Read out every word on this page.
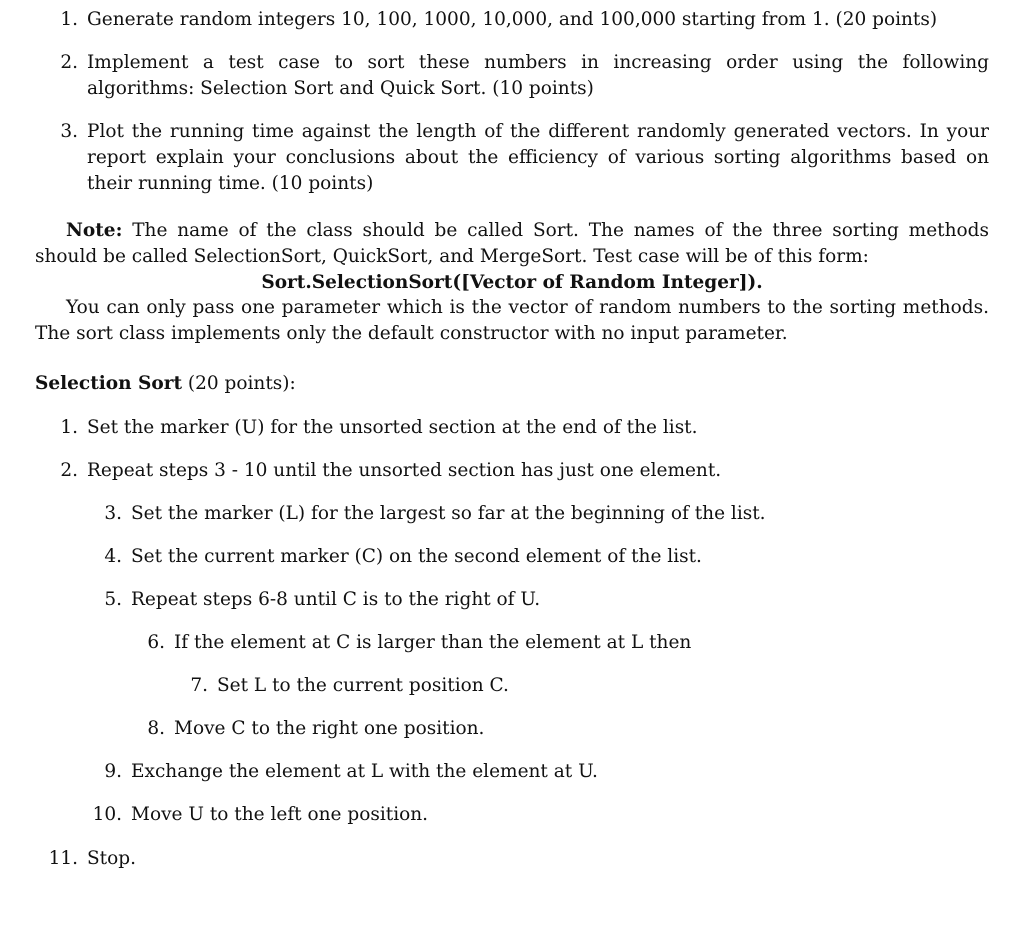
1. Generate random integers 10, 100, 1000, 10,000, and 100,000 starting from 1. (20 points)
2. Implement a test case to sort these numbers in increasing order using the following algorithms: Selection Sort and Quick Sort. (10 points)
3. Plot the running time against the length of the different randomly generated vectors. In your report explain your conclusions about the efficiency of various sorting algorithms based on their running time. (10 points)
Note: The name of the class should be called Sort. The names of the three sorting methods should be called SelectionSort, QuickSort, and MergeSort. Test case will be of this form:
Sort.SelectionSort([Vector of Random Integer]).
You can only pass one parameter which is the vector of random numbers to the sorting methods. The sort class implements only the default constructor with no input parameter.
Selection Sort (20 points):
1. Set the marker (U) for the unsorted section at the end of the list.
2. Repeat steps 3 - 10 until the unsorted section has just one element.
3. Set the marker (L) for the largest so far at the beginning of the list.
4. Set the current marker (C) on the second element of the list.
5. Repeat steps 6-8 until C is to the right of U.
6. If the element at C is larger than the element at L then
7. Set L to the current position C.
8. Move C to the right one position.
9. Exchange the element at L with the element at U.
10. Move U to the left one position.
11. Stop.
